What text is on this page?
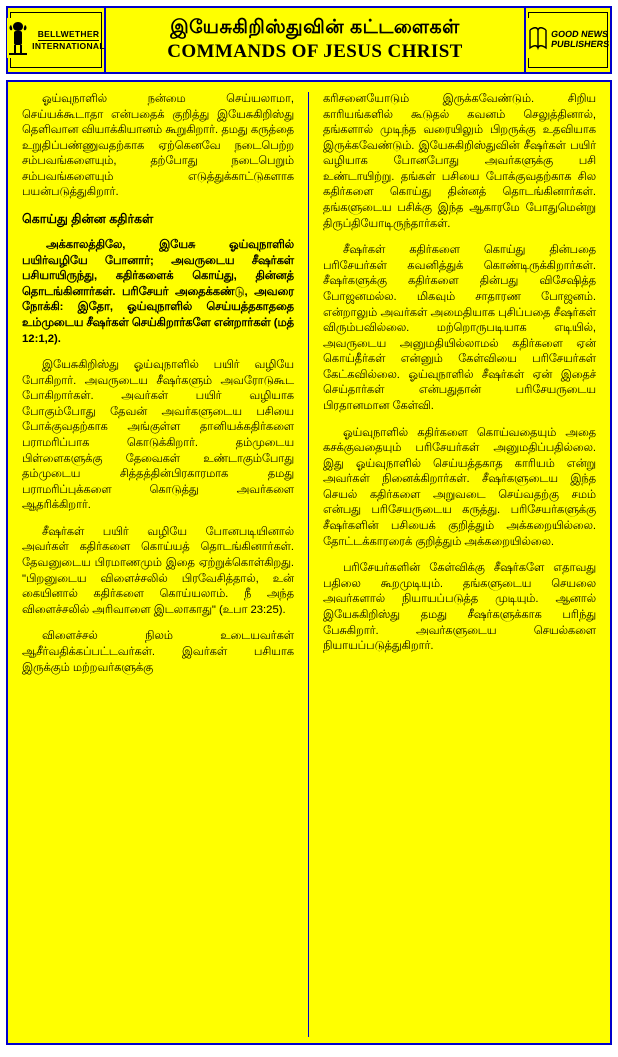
BELLWETHER
INTERNATIONAL
இயேசுகிறிஸ்துவின் கட்டளைகள்
COMMANDS OF JESUS CHRIST
GOOD NEWS
PUBLISHERS

ஓய்வுநாளில் நன்மை செய்யலாமா, செய்யக்கூடாதா என்பதைக் குறித்து இயேசுகிறிஸ்து தெளிவான வியாக்கியானம் கூறுகிறார். தமது கருத்தை உறுதிப்பண்ணுவதற்காக ஏற்கெனவே நடைபெற்ற சம்பவங்களையும், தற்போது நடைபெறும் சம்பவங்களையும் எடுத்துக்காட்டுகளாக பயன்படுத்துகிறார்.

கொய்து தின்ன கதிர்கள்

அக்காலத்திலே, இயேசு ஓய்வுநாளில் பயிர்வழியே போனார்; அவருடைய சீஷர்கள் பசியாயிருந்து, கதிர்களைக் கொய்து, தின்னத் தொடங்கினார்கள். பரிசேயர் அதைக்கண்டு, அவரை நோக்கி: இதோ, ஓய்வுநாளில் செய்யத்தகாததை உம்முடைய சீஷர்கள் செய்கிறார்களே என்றார்கள் (மத் 12:1,2).

இயேசுகிறிஸ்து ஓய்வுநாளில் பயிர் வழியே போகிறார். அவருடைய சீஷர்களும் அவரோடுகூட போகிறார்கள். அவர்கள் பயிர் வழியாக போகும்போது தேவன் அவர்களுடைய பசியை போக்குவதற்காக அங்குள்ள தானியக்கதிர்களை பராமரிப்பாக கொடுக்கிறார். தம்முடைய பிள்ளைகளுக்கு தேவைகள் உண்டாகும்போது தம்முடைய சித்தத்தின்பிரகாரமாக தமது பராமரிப்புக்களை கொடுத்து அவர்களை ஆதரிக்கிறார்.

சீஷர்கள் பயிர் வழியே போனபடியினால் அவர்கள் கதிர்களை கொய்யத் தொடங்கினார்கள். தேவனுடைய பிரமாணமும் இதை ஏற்றுக்கொள்கிறது. "பிறனுடைய விளைச்சலில் பிரவேசித்தால், உன் கையினால் கதிர்களை கொய்யலாம். நீ அந்த விளைச்சலில் அரிவாளை இடலாகாது" (உபா 23:25).

விளைச்சல் நிலம் உடையவர்கள் ஆசீர்வதிக்கப்பட்டவர்கள். இவர்கள் பசியாக இருக்கும் மற்றவர்களுக்கு

கரிசனையோடும் இருக்கவேண்டும். சிறிய காரியங்களில் கூடுதல் கவனம் செலுத்தினால், தங்களால் முடிந்த வரையிலும் பிறருக்கு உதவியாக இருக்கவேண்டும். இயேசுகிறிஸ்துவின் சீஷர்கள் பயிர் வழியாக போனபோது அவர்களுக்கு பசி உண்டாயிற்று. தங்கள் பசியை போக்குவதற்காக சில கதிர்களை கொய்து தின்னத் தொடங்கினார்கள். தங்களுடைய பசிக்கு இந்த ஆகாரமே போதுமென்று திருப்தியோடிருந்தார்கள்.

சீஷர்கள் கதிர்களை கொய்து தின்பதை பரிசேயர்கள் கவனித்துக் கொண்டிருக்கிறார்கள். சீஷர்களுக்கு கதிர்களை தின்பது விசேஷித்த போஜனமல்ல. மிகவும் சாதாரண போஜனம். என்றாலும் அவர்கள் அமைதியாக புசிப்பதை சீஷர்கள் விரும்பவில்லை. மற்றொருபடியாக எடியில், அவருடைய அனுமதியில்லாமல் கதிர்களை ஏன் கொய்தீர்கள் என்னும் கேள்வியை பரிசேயர்கள் கேட்கவில்லை. ஓய்வுநாளில் சீஷர்கள் ஏன் இதைச் செய்தார்கள் என்பதுதான் பரிசேயருடைய பிரதானமான கேள்வி.

ஓய்வுநாளில் கதிர்களை கொய்வதையும் அதை கசக்குவதையும் பரிசேயர்கள் அனுமதிப்பதில்லை. இது ஓய்வுநாளில் செய்யத்தகாத காரியம் என்று அவர்கள் நினைக்கிறார்கள். சீஷர்களுடைய இந்த செயல் கதிர்களை அறுவடை செய்வதற்கு சமம் என்பது பரிசேயருடைய கருத்து. பரிசேயர்களுக்கு சீஷர்களின் பசியைக் குறித்தும் அக்கறையில்லை. தோட்டக்காரரைக் குறித்தும் அக்கறையில்லை.

பரிசேயர்களின் கேள்விக்கு சீஷர்களே எதாவது பதிலை கூறமுடியும். தங்களுடைய செயலை அவர்களால் நியாயப்படுத்த முடியும். ஆனால் இயேசுகிறிஸ்து தமது சீஷர்களுக்காக பரிந்து பேசுகிறார். அவர்களுடைய செயல்களை நியாயப்படுத்துகிறார்.
